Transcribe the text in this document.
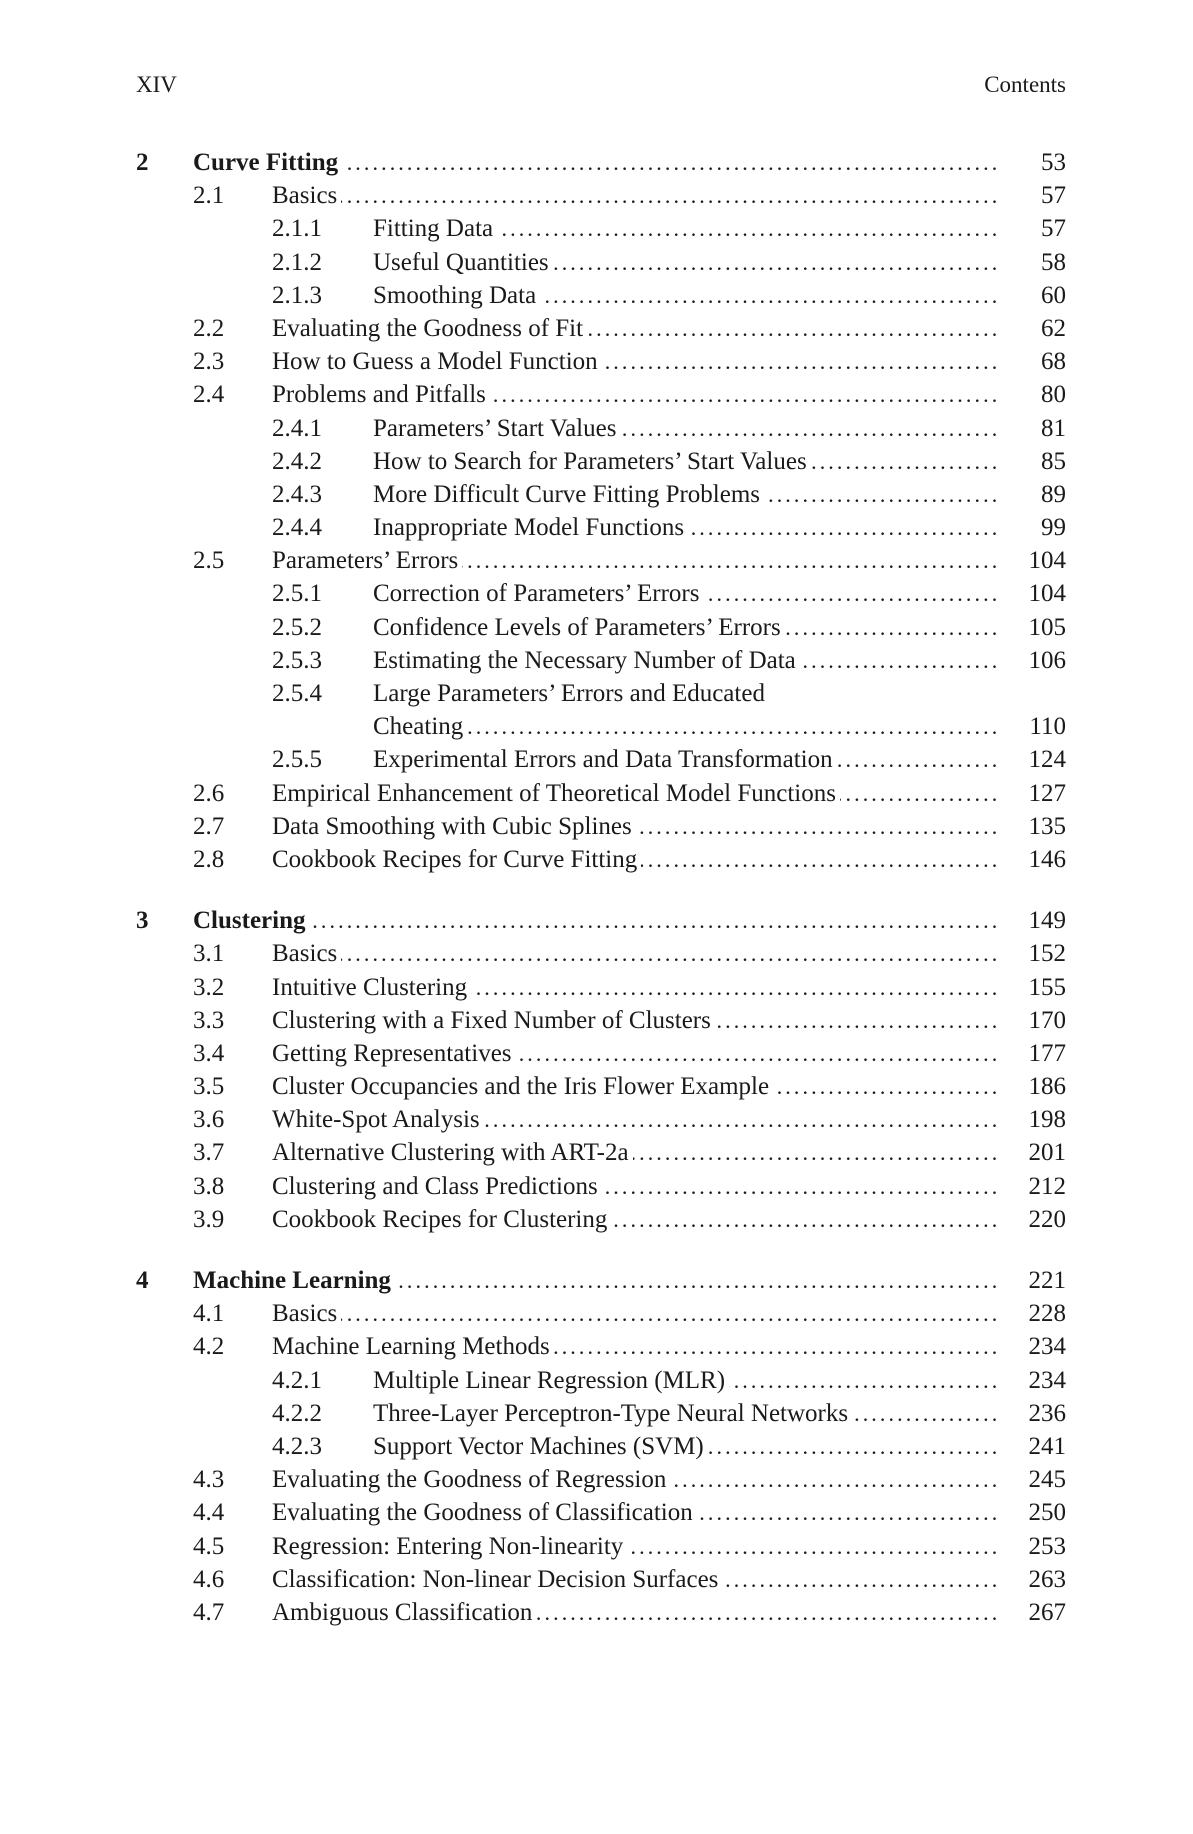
XIV	Contents
2 Curve Fitting . . .	53
2.1 Basics . . .	57
2.1.1 Fitting Data . . .	57
2.1.2 Useful Quantities . . .	58
2.1.3 Smoothing Data . . .	60
2.2 Evaluating the Goodness of Fit . . .	62
2.3 How to Guess a Model Function . . .	68
2.4 Problems and Pitfalls . . .	80
2.4.1 Parameters’ Start Values . . .	81
2.4.2 How to Search for Parameters’ Start Values . . .	85
2.4.3 More Difficult Curve Fitting Problems . . .	89
2.4.4 Inappropriate Model Functions . . .	99
2.5 Parameters’ Errors . . .	104
2.5.1 Correction of Parameters’ Errors . . .	104
2.5.2 Confidence Levels of Parameters’ Errors . . .	105
2.5.3 Estimating the Necessary Number of Data . . .	106
2.5.4 Large Parameters’ Errors and Educated
Cheating . . .	110
2.5.5 Experimental Errors and Data Transformation . . .	124
2.6 Empirical Enhancement of Theoretical Model Functions . . .	127
2.7 Data Smoothing with Cubic Splines . . .	135
2.8 Cookbook Recipes for Curve Fitting . . .	146
3 Clustering . . .	149
3.1 Basics . . .	152
3.2 Intuitive Clustering . . .	155
3.3 Clustering with a Fixed Number of Clusters . . .	170
3.4 Getting Representatives . . .	177
3.5 Cluster Occupancies and the Iris Flower Example . . .	186
3.6 White-Spot Analysis . . .	198
3.7 Alternative Clustering with ART-2a . . .	201
3.8 Clustering and Class Predictions . . .	212
3.9 Cookbook Recipes for Clustering . . .	220
4 Machine Learning . . .	221
4.1 Basics . . .	228
4.2 Machine Learning Methods . . .	234
4.2.1 Multiple Linear Regression (MLR) . . .	234
4.2.2 Three-Layer Perceptron-Type Neural Networks . . .	236
4.2.3 Support Vector Machines (SVM) . . .	241
4.3 Evaluating the Goodness of Regression . . .	245
4.4 Evaluating the Goodness of Classification . . .	250
4.5 Regression: Entering Non-linearity . . .	253
4.6 Classification: Non-linear Decision Surfaces . . .	263
4.7 Ambiguous Classification . . .	267
